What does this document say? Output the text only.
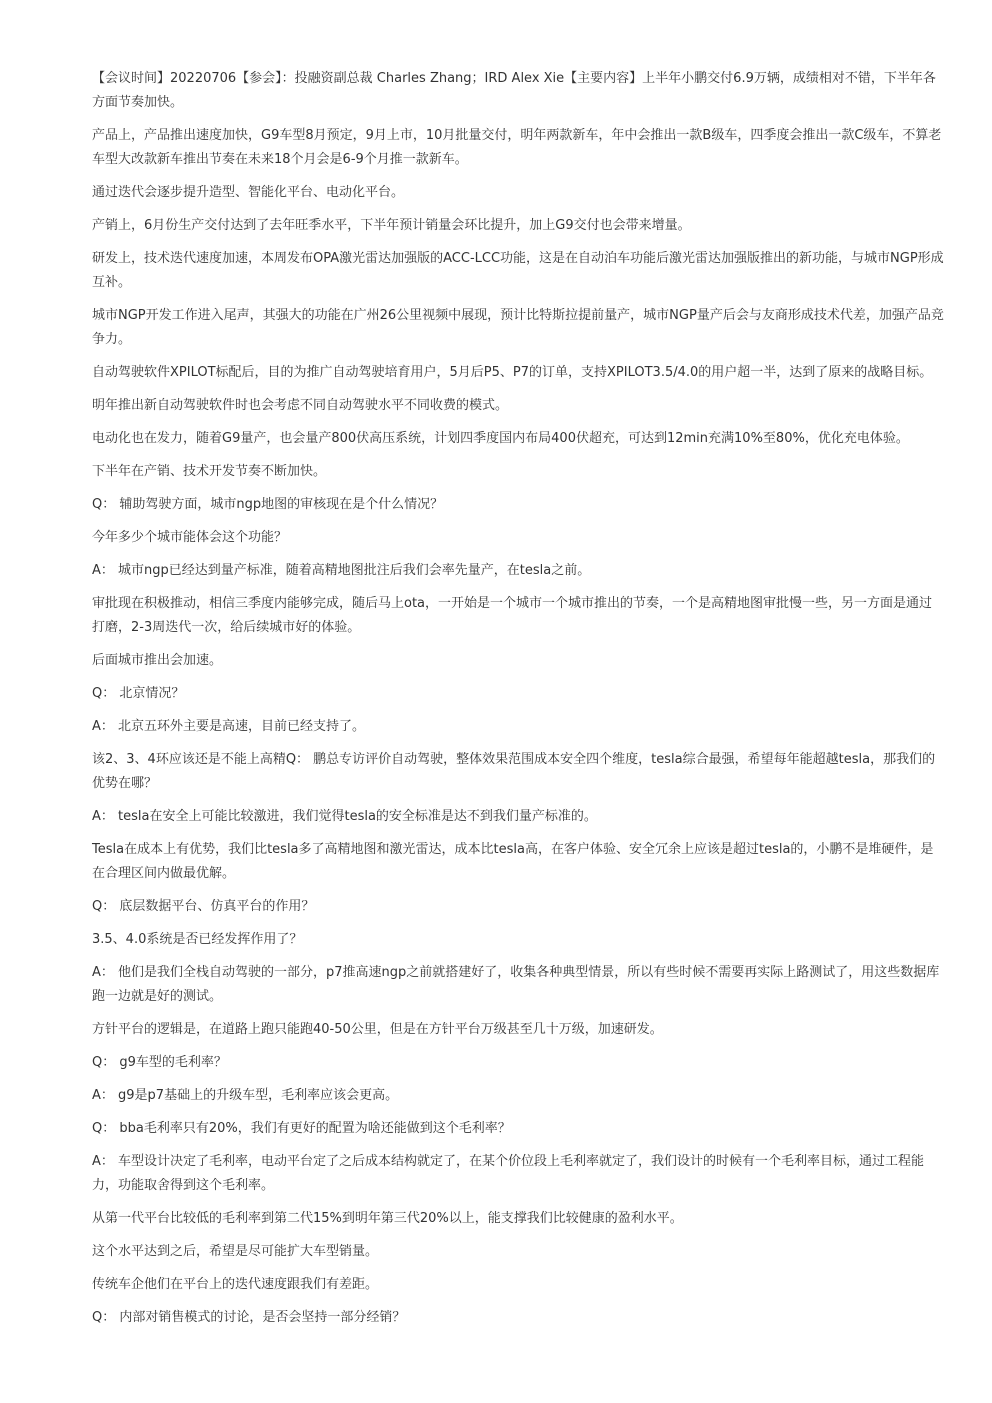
【会议时间】20220706【参会】：投融资副总裁 Charles Zhang；IRD Alex Xie【主要内容】上半年小鹏交付6.9万辆，成绩相对不错，下半年各方面节奏加快。

产品上，产品推出速度加快，G9车型8月预定，9月上市，10月批量交付，明年两款新车，年中会推出一款B级车，四季度会推出一款C级车，不算老车型大改款新车推出节奏在未来18个月会是6-9个月推一款新车。

通过迭代会逐步提升造型、智能化平台、电动化平台。

产销上，6月份生产交付达到了去年旺季水平，下半年预计销量会环比提升，加上G9交付也会带来增量。

研发上，技术迭代速度加速，本周发布OPA激光雷达加强版的ACC-LCC功能，这是在自动泊车功能后激光雷达加强版推出的新功能，与城市NGP形成互补。

城市NGP开发工作进入尾声，其强大的功能在广州26公里视频中展现，预计比特斯拉提前量产，城市NGP量产后会与友商形成技术代差，加强产品竞争力。

自动驾驶软件XPILOT标配后，目的为推广自动驾驶培育用户，5月后P5、P7的订单，支持XPILOT3.5/4.0的用户超一半，达到了原来的战略目标。

明年推出新自动驾驶软件时也会考虑不同自动驾驶水平不同收费的模式。

电动化也在发力，随着G9量产，也会量产800伏高压系统，计划四季度国内布局400伏超充，可达到12min充满10%至80%，优化充电体验。

下半年在产销、技术开发节奏不断加快。

Q： 辅助驾驶方面，城市ngp地图的审核现在是个什么情况？

今年多少个城市能体会这个功能？

A： 城市ngp已经达到量产标准，随着高精地图批注后我们会率先量产，在tesla之前。

审批现在积极推动，相信三季度内能够完成，随后马上ota，一开始是一个城市一个城市推出的节奏，一个是高精地图审批慢一些，另一方面是通过打磨，2-3周迭代一次，给后续城市好的体验。

后面城市推出会加速。

Q： 北京情况？

A： 北京五环外主要是高速，目前已经支持了。

该2、3、4环应该还是不能上高精Q： 鹏总专访评价自动驾驶，整体效果范围成本安全四个维度，tesla综合最强，希望每年能超越tesla，那我们的优势在哪？

A： tesla在安全上可能比较激进，我们觉得tesla的安全标准是达不到我们量产标准的。

Tesla在成本上有优势，我们比tesla多了高精地图和激光雷达，成本比tesla高，在客户体验、安全冗余上应该是超过tesla的，小鹏不是堆硬件，是在合理区间内做最优解。

Q： 底层数据平台、仿真平台的作用？

3.5、4.0系统是否已经发挥作用了？

A： 他们是我们全栈自动驾驶的一部分，p7推高速ngp之前就搭建好了，收集各种典型情景，所以有些时候不需要再实际上路测试了，用这些数据库跑一边就是好的测试。

方针平台的逻辑是，在道路上跑只能跑40-50公里，但是在方针平台万级甚至几十万级，加速研发。

Q： g9车型的毛利率？

A： g9是p7基础上的升级车型，毛利率应该会更高。

Q： bba毛利率只有20%，我们有更好的配置为啥还能做到这个毛利率？

A： 车型设计决定了毛利率，电动平台定了之后成本结构就定了，在某个价位段上毛利率就定了，我们设计的时候有一个毛利率目标，通过工程能力，功能取舍得到这个毛利率。

从第一代平台比较低的毛利率到第二代15%到明年第三代20%以上，能支撑我们比较健康的盈利水平。

这个水平达到之后，希望是尽可能扩大车型销量。

传统车企他们在平台上的迭代速度跟我们有差距。

Q： 内部对销售模式的讨论，是否会坚持一部分经销？
